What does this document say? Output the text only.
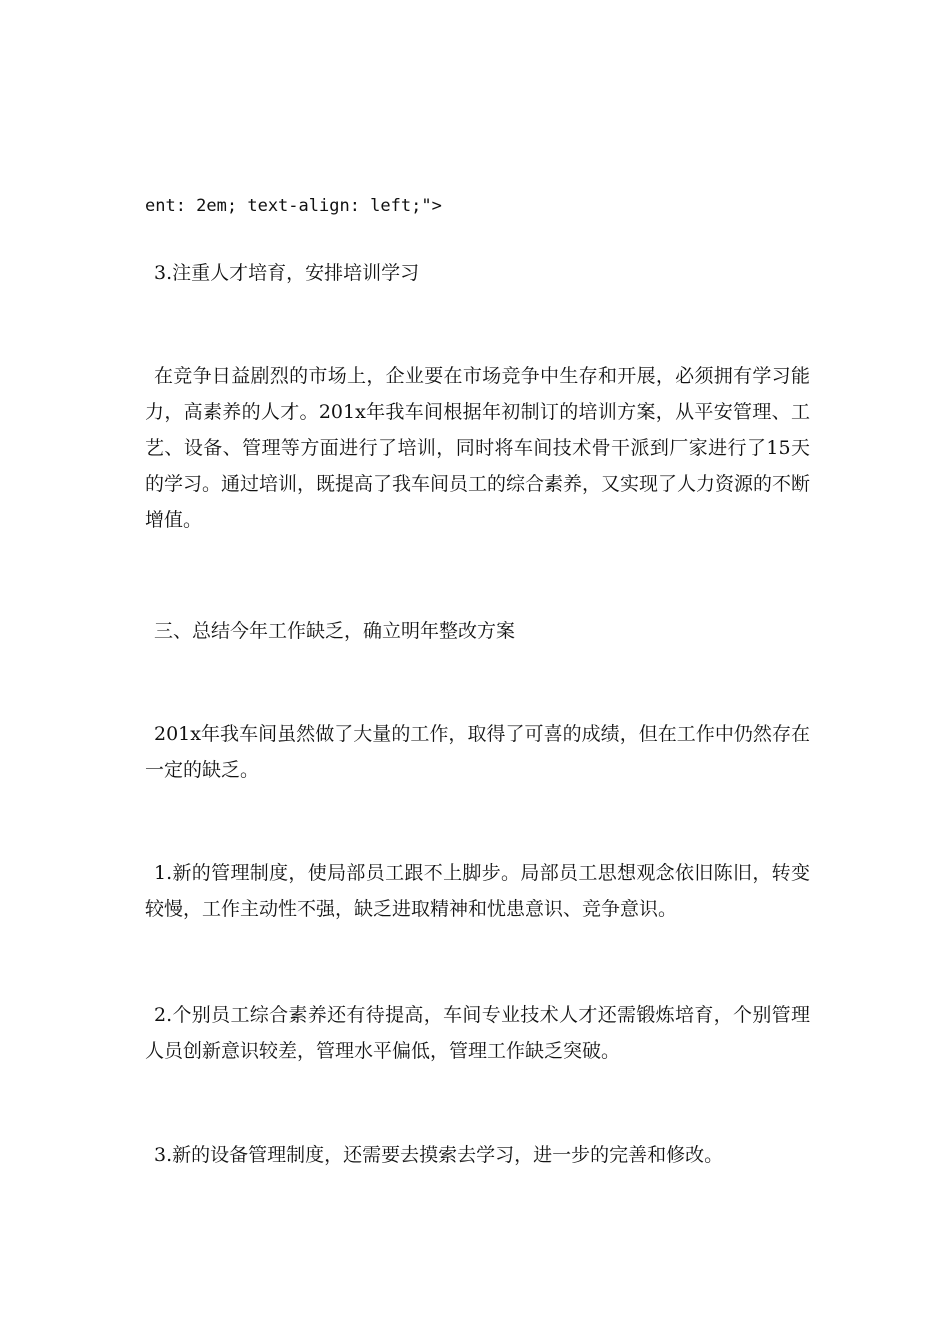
ent: 2em; text-align: left;">

3.注重人才培育，安排培训学习

在竞争日益剧烈的市场上，企业要在市场竞争中生存和开展，必须拥有学习能力，高素养的人才。201x年我车间根据年初制订的培训方案，从平安管理、工艺、设备、管理等方面进行了培训，同时将车间技术骨干派到厂家进行了15天的学习。通过培训，既提高了我车间员工的综合素养，又实现了人力资源的不断增值。

三、总结今年工作缺乏，确立明年整改方案

201x年我车间虽然做了大量的工作，取得了可喜的成绩，但在工作中仍然存在一定的缺乏。

1.新的管理制度，使局部员工跟不上脚步。局部员工思想观念依旧陈旧，转变较慢，工作主动性不强，缺乏进取精神和忧患意识、竞争意识。

2.个别员工综合素养还有待提高，车间专业技术人才还需锻炼培育，个别管理人员创新意识较差，管理水平偏低，管理工作缺乏突破。

3.新的设备管理制度，还需要去摸索去学习，进一步的完善和修改。
